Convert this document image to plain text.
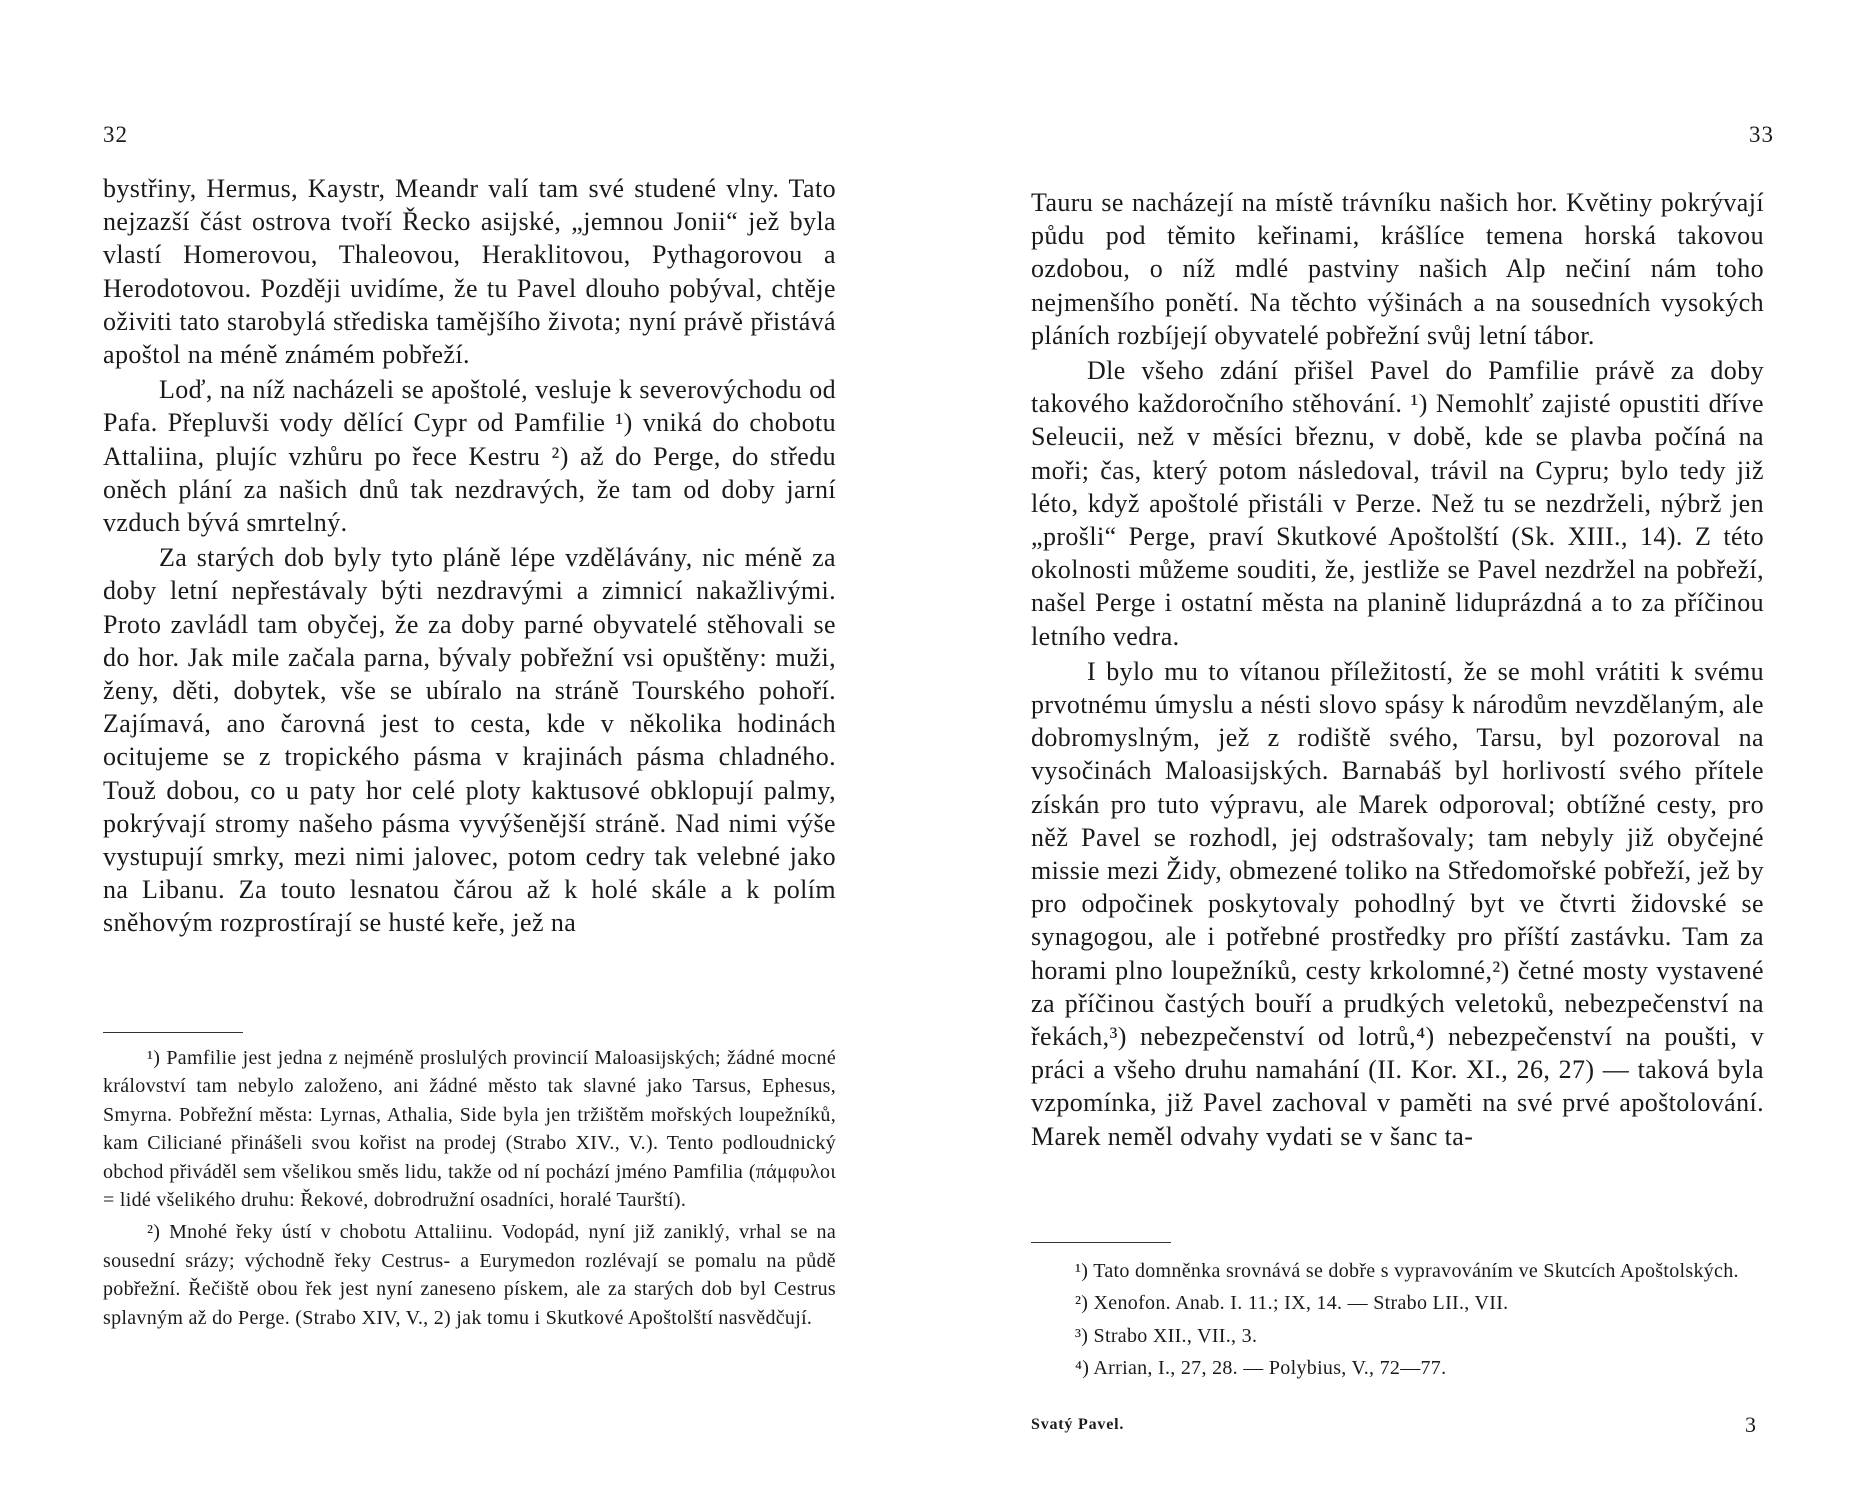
32

bystřiny, Hermus, Kaystr, Meandr valí tam své studené vlny. Tato nejzazší část ostrova tvoří Řecko asijské, „jemnou Jonii“ jež byla vlastí Homerovou, Thaleovou, Heraklitovou, Pythagorovou a Herodotovou. Později uvidíme, že tu Pavel dlouho pobýval, chtěje oživiti tato starobylá střediska tamějšího života; nyní právě přistává apoštol na méně známém pobřeží.

Loď, na níž nacházeli se apoštolé, vesluje k severovýchodu od Pafa. Přepluvši vody dělící Cypr od Pamfilie ¹) vniká do chobotu Attaliina, plujíc vzhůru po řece Kestru ²) až do Perge, do středu oněch plání za našich dnů tak nezdravých, že tam od doby jarní vzduch bývá smrtelný.

Za starých dob byly tyto pláně lépe vzdělávány, nic méně za doby letní nepřestávaly býti nezdravými a zimnicí nakažlivými. Proto zavládl tam obyčej, že za doby parné obyvatelé stěhovali se do hor. Jak mile začala parna, bývaly pobřežní vsi opuštěny: muži, ženy, děti, dobytek, vše se ubíralo na stráně Tourského pohoří. Zajímavá, ano čarovná jest to cesta, kde v několika hodinách ocitujeme se z tropického pásma v krajinách pásma chladného. Touž dobou, co u paty hor celé ploty kaktusové obklopují palmy, pokrývají stromy našeho pásma vyvýšenější stráně. Nad nimi výše vystupují smrky, mezi nimi jalovec, potom cedry tak velebné jako na Libanu. Za touto lesnatou čárou až k holé skále a k polím sněhovým rozprostírají se husté keře, jež na

¹) Pamfilie jest jedna z nejméně proslulých provincií Maloasijských; žádné mocné království tam nebylo založeno, ani žádné město tak slavné jako Tarsus, Ephesus, Smyrna. Pobřežní města: Lyrnas, Athalia, Side byla jen tržištěm mořských loupežníků, kam Ciliciané přinášeli svou kořist na prodej (Strabo XIV., V.). Tento podloudnický obchod přiváděl sem všelikou směs lidu, takže od ní pochází jméno Pamfilia (πάμφυλοι = lidé všelikého druhu: Řekové, dobrodružní osadníci, horalé Taurští).

²) Mnohé řeky ústí v chobotu Attaliinu. Vodopád, nyní již zaniklý, vrhal se na sousední srázy; východně řeky Cestrus- a Eurymedon rozlévají se pomalu na půdě pobřežní. Řečiště obou řek jest nyní zaneseno pískem, ale za starých dob byl Cestrus splavným až do Perge. (Strabo XIV, V., 2) jak tomu i Skutkové Apoštolští nasvědčují.

33

Tauru se nacházejí na místě trávníku našich hor. Květiny pokrývají půdu pod těmito keřinami, krášlíce temena horská takovou ozdobou, o níž mdlé pastviny našich Alp nečiní nám toho nejmenšího ponětí. Na těchto výšinách a na sousedních vysokých pláních rozbíjejí obyvatelé pobřežní svůj letní tábor.

Dle všeho zdání přišel Pavel do Pamfilie právě za doby takového každoročního stěhování. ¹) Nemohlť zajisté opustiti dříve Seleucii, než v měsíci březnu, v době, kde se plavba počíná na moři; čas, který potom následoval, trávil na Cypru; bylo tedy již léto, když apoštolé přistáli v Perze. Než tu se nezdrželi, nýbrž jen „prošli“ Perge, praví Skutkové Apoštolští (Sk. XIII., 14). Z této okolnosti můžeme souditi, že, jestliže se Pavel nezdržel na pobřeží, našel Perge i ostatní města na planině liduprázdná a to za příčinou letního vedra.

I bylo mu to vítanou příležitostí, že se mohl vrátiti k svému prvotnému úmyslu a nésti slovo spásy k národům nevzdělaným, ale dobromyslným, jež z rodiště svého, Tarsu, byl pozoroval na vysočinách Maloasijských. Barnabáš byl horlivostí svého přítele získán pro tuto výpravu, ale Marek odporoval; obtížné cesty, pro něž Pavel se rozhodl, jej odstrašovaly; tam nebyly již obyčejné missie mezi Židy, obmezené toliko na Středomořské pobřeží, jež by pro odpočinek poskytovaly pohodlný byt ve čtvrti židovské se synagogou, ale i potřebné prostředky pro příští zastávku. Tam za horami plno loupežníků, cesty krkolomné,²) četné mosty vystavené za příčinou častých bouří a prudkých veletoků, nebezpečenství na řekách,³) nebezpečenství od lotrů,⁴) nebezpečenství na poušti, v práci a všeho druhu namahání (II. Kor. XI., 26, 27) — taková byla vzpomínka, již Pavel zachoval v paměti na své prvé apoštolování. Marek neměl odvahy vydati se v šanc ta-

¹) Tato domněnka srovnává se dobře s vypravováním ve Skutcích Apoštolských.

²) Xenofon. Anab. I. 11.; IX, 14. — Strabo LII., VII.

³) Strabo XII., VII., 3.

⁴) Arrian, I., 27, 28. — Polybius, V., 72—77.

Svatý Pavel.	3
